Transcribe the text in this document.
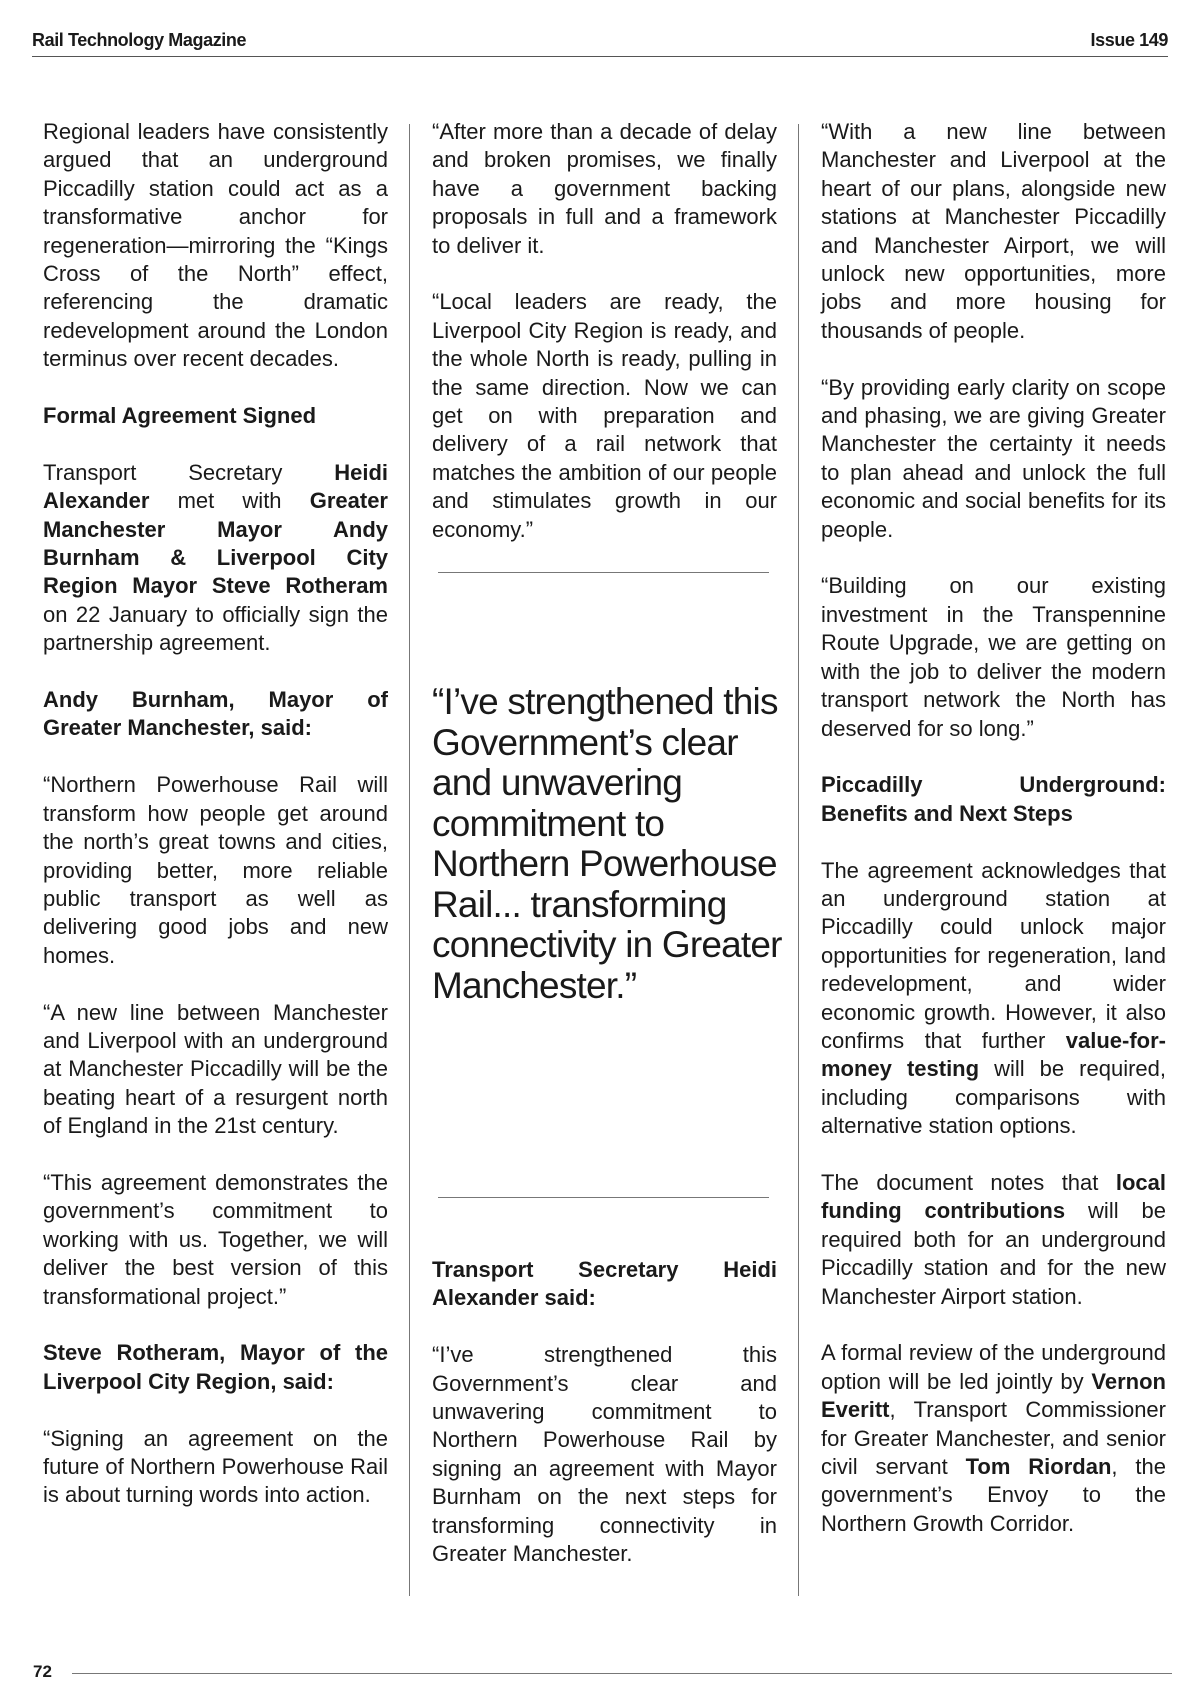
Rail Technology Magazine	Issue 149

Regional leaders have consistently argued that an underground Piccadilly station could act as a transformative anchor for regeneration—mirroring the “Kings Cross of the North” effect, referencing the dramatic redevelopment around the London terminus over recent decades.

Formal Agreement Signed

Transport Secretary Heidi Alexander met with Greater Manchester Mayor Andy Burnham & Liverpool City Region Mayor Steve Rotheram on 22 January to officially sign the partnership agreement.

Andy Burnham, Mayor of Greater Manchester, said:

“Northern Powerhouse Rail will transform how people get around the north’s great towns and cities, providing better, more reliable public transport as well as delivering good jobs and new homes.

“A new line between Manchester and Liverpool with an underground at Manchester Piccadilly will be the beating heart of a resurgent north of England in the 21st century.

“This agreement demonstrates the government’s commitment to working with us. Together, we will deliver the best version of this transformational project.”

Steve Rotheram, Mayor of the Liverpool City Region, said:

“Signing an agreement on the future of Northern Powerhouse Rail is about turning words into action.

“After more than a decade of delay and broken promises, we finally have a government backing proposals in full and a framework to deliver it.

“Local leaders are ready, the Liverpool City Region is ready, and the whole North is ready, pulling in the same direction. Now we can get on with preparation and delivery of a rail network that matches the ambition of our people and stimulates growth in our economy.”

“I’ve strengthened this Government’s clear and unwavering commitment to Northern Powerhouse Rail... transforming connectivity in Greater Manchester.”

Transport Secretary Heidi Alexander said:

“I’ve strengthened this Government’s clear and unwavering commitment to Northern Powerhouse Rail by signing an agreement with Mayor Burnham on the next steps for transforming connectivity in Greater Manchester.

“With a new line between Manchester and Liverpool at the heart of our plans, alongside new stations at Manchester Piccadilly and Manchester Airport, we will unlock new opportunities, more jobs and more housing for thousands of people.

“By providing early clarity on scope and phasing, we are giving Greater Manchester the certainty it needs to plan ahead and unlock the full economic and social benefits for its people.

“Building on our existing investment in the Transpennine Route Upgrade, we are getting on with the job to deliver the modern transport network the North has deserved for so long.”

Piccadilly Underground: Benefits and Next Steps

The agreement acknowledges that an underground station at Piccadilly could unlock major opportunities for regeneration, land redevelopment, and wider economic growth. However, it also confirms that further value-for-money testing will be required, including comparisons with alternative station options.

The document notes that local funding contributions will be required both for an underground Piccadilly station and for the new Manchester Airport station.

A formal review of the underground option will be led jointly by Vernon Everitt, Transport Commissioner for Greater Manchester, and senior civil servant Tom Riordan, the government’s Envoy to the Northern Growth Corridor.

72
